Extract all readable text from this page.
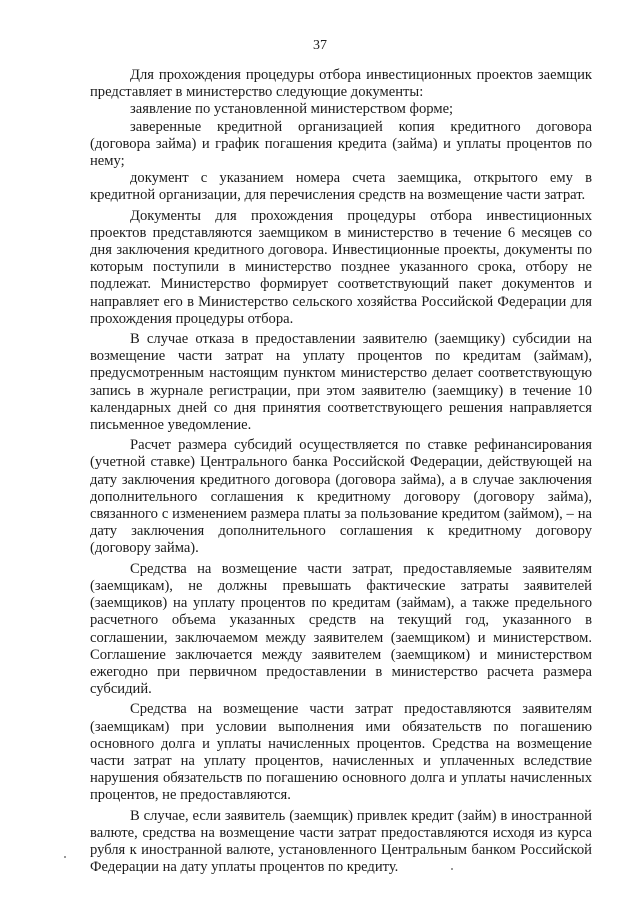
37

Для прохождения процедуры отбора инвестиционных проектов заемщик представляет в министерство следующие документы:

заявление по установленной министерством форме;

заверенные кредитной организацией копия кредитного договора (договора займа) и график погашения кредита (займа) и уплаты процентов по нему;

документ с указанием номера счета заемщика, открытого ему в кредитной организации, для перечисления средств на возмещение части затрат.

Документы для прохождения процедуры отбора инвестиционных проектов представляются заемщиком в министерство в течение 6 месяцев со дня заключения кредитного договора. Инвестиционные проекты, документы по которым поступили в министерство позднее указанного срока, отбору не подлежат. Министерство формирует соответствующий пакет документов и направляет его в Министерство сельского хозяйства Российской Федерации для прохождения процедуры отбора.

В случае отказа в предоставлении заявителю (заемщику) субсидии на возмещение части затрат на уплату процентов по кредитам (займам), предусмотренным настоящим пунктом министерство делает соответствующую запись в журнале регистрации, при этом заявителю (заемщику) в течение 10 календарных дней со дня принятия соответствующего решения направляется письменное уведомление.

Расчет размера субсидий осуществляется по ставке рефинансирования (учетной ставке) Центрального банка Российской Федерации, действующей на дату заключения кредитного договора (договора займа), а в случае заключения дополнительного соглашения к кредитному договору (договору займа), связанного с изменением размера платы за пользование кредитом (займом), – на дату заключения дополнительного соглашения к кредитному договору (договору займа).

Средства на возмещение части затрат, предоставляемые заявителям (заемщикам), не должны превышать фактические затраты заявителей (заемщиков) на уплату процентов по кредитам (займам), а также предельного расчетного объема указанных средств на текущий год, указанного в соглашении, заключаемом между заявителем (заемщиком) и министерством. Соглашение заключается между заявителем (заемщиком) и министерством ежегодно при первичном предоставлении в министерство расчета размера субсидий.

Средства на возмещение части затрат предоставляются заявителям (заемщикам) при условии выполнения ими обязательств по погашению основного долга и уплаты начисленных процентов. Средства на возмещение части затрат на уплату процентов, начисленных и уплаченных вследствие нарушения обязательств по погашению основного долга и уплаты начисленных процентов, не предоставляются.

В случае, если заявитель (заемщик) привлек кредит (займ) в иностранной валюте, средства на возмещение части затрат предоставляются исходя из курса рубля к иностранной валюте, установленного Центральным банком Российской Федерации на дату уплаты процентов по кредиту.
